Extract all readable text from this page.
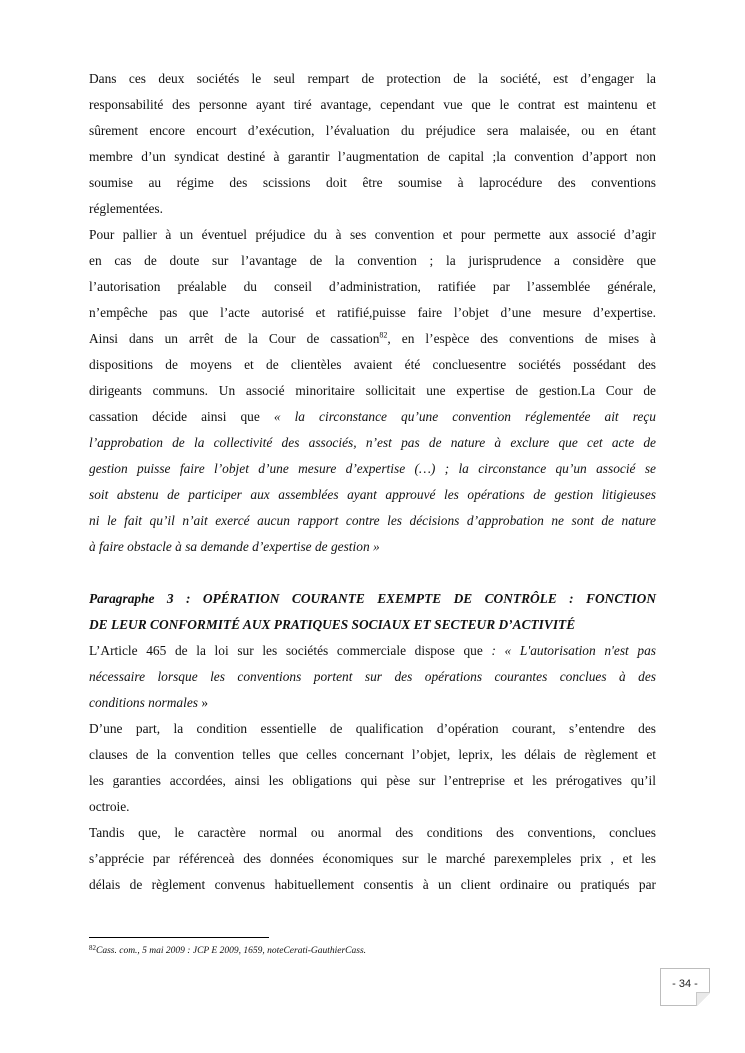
Dans ces deux sociétés le seul rempart de protection de la société, est d’engager la

responsabilité des personne ayant tiré avantage, cependant vue que le contrat est maintenu et

sûrement encore encourt d’exécution, l’évaluation du préjudice sera malaisée, ou en étant

membre d’un syndicat destiné à garantir l’augmentation de capital ;la convention d’apport non

soumise au régime des scissions doit être soumise à laprocédure des conventions

réglementées.

Pour pallier à un éventuel préjudice du à ses convention et pour permette aux associé d’agir

en cas de doute sur l’avantage de la convention ; la jurisprudence a considère que

l’autorisation préalable du conseil d’administration, ratifiée par l’assemblée générale,

n’empêche pas que l’acte autorisé et ratifié,puisse faire l’objet d’une mesure d’expertise.

Ainsi dans un arrêt de la Cour de cassation$^{82}$, en l’espèce des conventions de mises à

dispositions de moyens et de clientèles avaient été concluesentre sociétés possédant des

dirigeants communs. Un associé minoritaire sollicitait une expertise de gestion.La Cour de

cassation décide ainsi que « la circonstance qu’une convention réglementée ait reçu

l’approbation de la collectivité des associés, n’est pas de nature à exclure que cet acte de

gestion puisse faire l’objet d’une mesure d’expertise (…) ; la circonstance qu’un associé se

soit abstenu de participer aux assemblées ayant approuvé les opérations de gestion litigieuses

ni le fait qu’il n’ait exercé aucun rapport contre les décisions d’approbation ne sont de nature

à faire obstacle à sa demande d’expertise de gestion »

Paragraphe 3 : OPÉRATION COURANTE EXEMPTE DE CONTRÔLE : FONCTION

DE LEUR CONFORMITÉ AUX PRATIQUES SOCIAUX ET SECTEUR D’ACTIVITÉ

L’Article 465 de la loi sur les sociétés commerciale dispose que : « L'autorisation n'est pas

nécessaire lorsque les conventions portent sur des opérations courantes conclues à des

conditions normales »

D’une part, la condition essentielle de qualification d’opération courant, s’entendre des

clauses de la convention telles que celles concernant l’objet, leprix, les délais de règlement et

les garanties accordées, ainsi les obligations qui pèse sur l’entreprise et les prérogatives qu’il

octroie.

Tandis que, le caractère normal ou anormal des conditions des conventions, conclues

s’apprécie par référenceà des données économiques sur le marché parexempleles prix , et les

délais de règlement convenus habituellement consentis à un client ordinaire ou pratiqués par

$^{82}$Cass. com., 5 mai 2009 : JCP E 2009, 1659, noteCerati-GauthierCass.
- 34 -
